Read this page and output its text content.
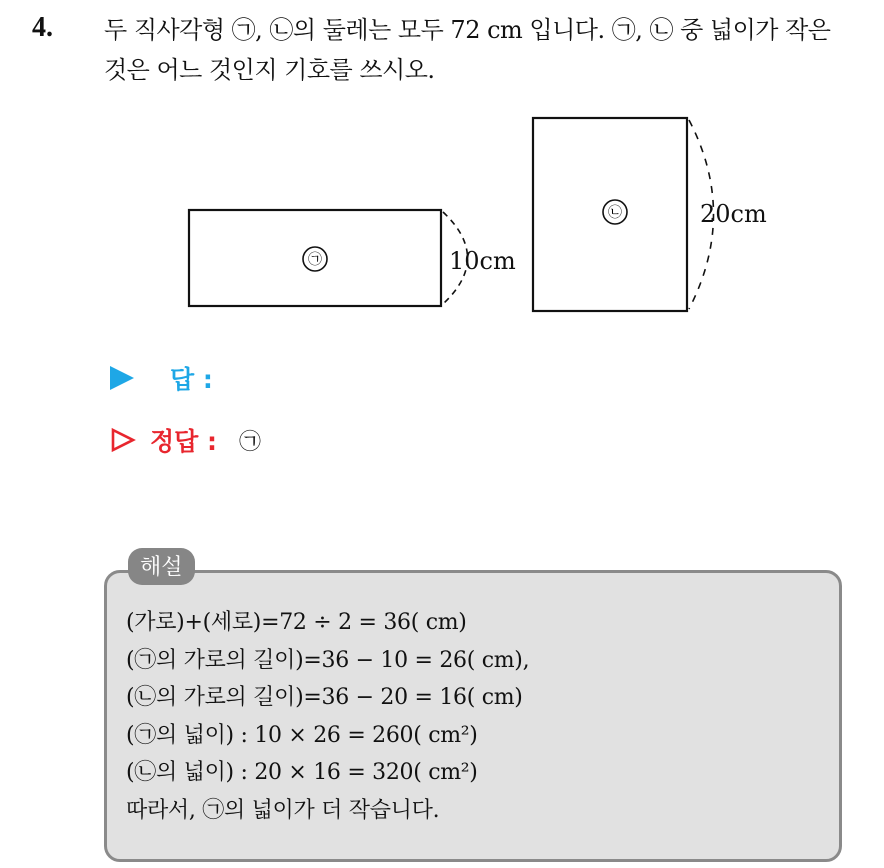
4. 두 직사각형 ㉠, ㉡의 둘레는 모두 72 cm 입니다. ㉠, ㉡ 중 넓이가 작은
것은 어느 것인지 기호를 쓰시오.
㉠	10cm
㉡	20cm
답 :
정답 : ㉠
해설
(가로)+(세로)=72 ÷ 2 = 36( cm)
(㉠의 가로의 길이)=36 − 10 = 26( cm),
(㉡의 가로의 길이)=36 − 20 = 16( cm)
(㉠의 넓이) : 10 × 26 = 260( cm²)
(㉡의 넓이) : 20 × 16 = 320( cm²)
따라서, ㉠의 넓이가 더 작습니다.
